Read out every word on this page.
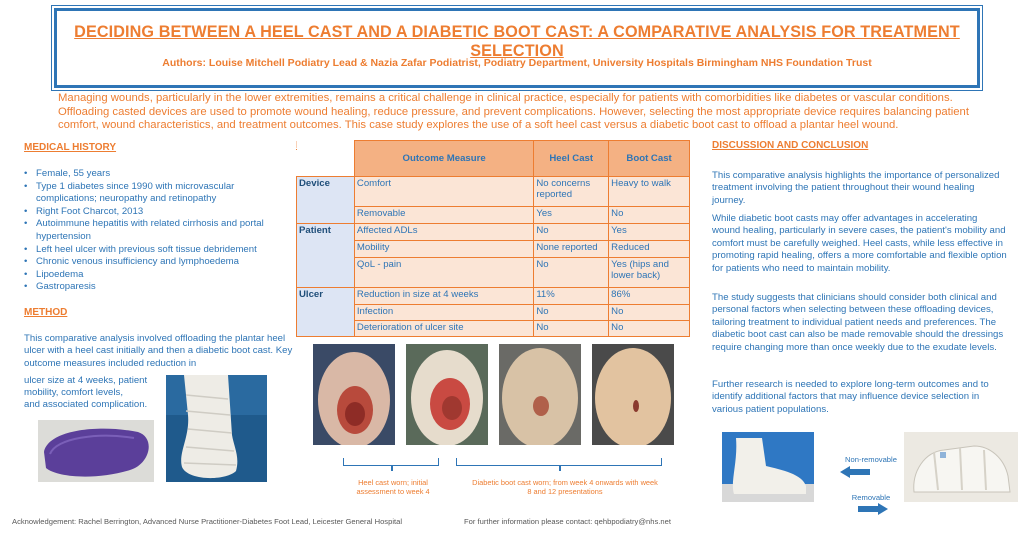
DECIDING BETWEEN A HEEL CAST AND A DIABETIC BOOT CAST: A COMPARATIVE ANALYSIS FOR TREATMENT SELECTION
Authors: Louise Mitchell Podiatry Lead & Nazia Zafar Podiatrist, Podiatry Department, University Hospitals Birmingham NHS Foundation Trust
Managing wounds, particularly in the lower extremities, remains a critical challenge in clinical practice, especially for patients with comorbidities like diabetes or vascular conditions. Offloading casted devices are used to promote wound healing, reduce pressure, and prevent complications. However, selecting the most appropriate device requires balancing patient comfort, wound characteristics, and treatment outcomes. This case study explores the use of a soft heel cast versus a diabetic boot cast to offload a plantar heel wound.
MEDICAL HISTORY
• Female, 55 years
• Type 1 diabetes since 1990 with microvascular complications; neuropathy and retinopathy
• Right Foot Charcot, 2013
• Autoimmune hepatitis with related cirrhosis and portal hypertension
• Left heel ulcer with previous soft tissue debridement
• Chronic venous insufficiency and lymphoedema
• Lipoedema
• Gastroparesis
METHOD
This comparative analysis involved offloading the plantar heel ulcer with a heel cast initially and then a diabetic boot cast. Key outcome measures included reduction in
ulcer size at 4 weeks, patient
mobility, comfort levels,
and associated complication.
	Outcome Measure	Heel Cast	Boot Cast
Device	Comfort	No concerns reported	Heavy to walk
	Removable	Yes	No
Patient	Affected ADLs	No	Yes
	Mobility	None reported	Reduced
	QoL - pain	No	Yes (hips and lower back)
Ulcer	Reduction in size at 4 weeks	11%	86%
	Infection	No	No
	Deterioration of ulcer site	No	No
Heel cast worn; initial assessment to week 4
Diabetic boot cast worn; from week 4 onwards with week 8 and 12 presentations
DISCUSSION AND CONCLUSION
This comparative analysis highlights the importance of personalized treatment involving the patient throughout their wound healing journey.
While diabetic boot casts may offer advantages in accelerating wound healing, particularly in severe cases, the patient's mobility and comfort must be carefully weighed. Heel casts, while less effective in promoting rapid healing, offers a more comfortable and flexible option for patients who need to maintain mobility.
The study suggests that clinicians should consider both clinical and personal factors when selecting between these offloading devices, tailoring treatment to individual patient needs and preferences. The diabetic boot cast can also be made removable should the dressings require changing more than once weekly due to the exudate levels.
Further research is needed to explore long-term outcomes and to identify additional factors that may influence device selection in various patient populations.
Non-removable
Removable
Acknowledgement: Rachel Berrington, Advanced Nurse Practitioner-Diabetes Foot Lead, Leicester General Hospital	For further information please contact: qehbpodiatry@nhs.net
